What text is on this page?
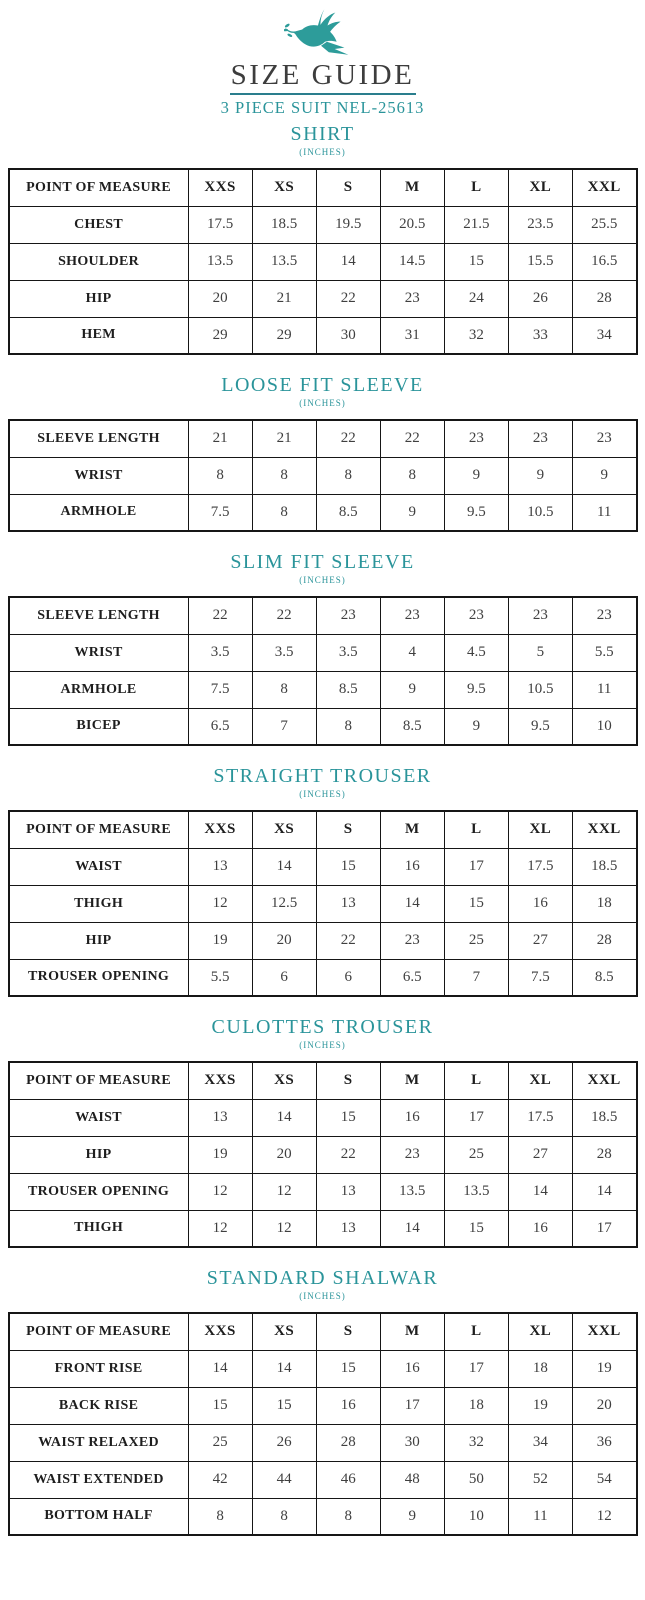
SIZE GUIDE
3 PIECE SUIT NEL-25613
SHIRT
(INCHES)
POINT OF MEASURE	XXS	XS	S	M	L	XL	XXL
CHEST	17.5	18.5	19.5	20.5	21.5	23.5	25.5
SHOULDER	13.5	13.5	14	14.5	15	15.5	16.5
HIP	20	21	22	23	24	26	28
HEM	29	29	30	31	32	33	34
LOOSE FIT SLEEVE
(INCHES)
SLEEVE LENGTH	21	21	22	22	23	23	23
WRIST	8	8	8	8	9	9	9
ARMHOLE	7.5	8	8.5	9	9.5	10.5	11
SLIM FIT SLEEVE
(INCHES)
SLEEVE LENGTH	22	22	23	23	23	23	23
WRIST	3.5	3.5	3.5	4	4.5	5	5.5
ARMHOLE	7.5	8	8.5	9	9.5	10.5	11
BICEP	6.5	7	8	8.5	9	9.5	10
STRAIGHT TROUSER
(INCHES)
POINT OF MEASURE	XXS	XS	S	M	L	XL	XXL
WAIST	13	14	15	16	17	17.5	18.5
THIGH	12	12.5	13	14	15	16	18
HIP	19	20	22	23	25	27	28
TROUSER OPENING	5.5	6	6	6.5	7	7.5	8.5
CULOTTES TROUSER
(INCHES)
POINT OF MEASURE	XXS	XS	S	M	L	XL	XXL
WAIST	13	14	15	16	17	17.5	18.5
HIP	19	20	22	23	25	27	28
TROUSER OPENING	12	12	13	13.5	13.5	14	14
THIGH	12	12	13	14	15	16	17
STANDARD SHALWAR
(INCHES)
POINT OF MEASURE	XXS	XS	S	M	L	XL	XXL
FRONT RISE	14	14	15	16	17	18	19
BACK RISE	15	15	16	17	18	19	20
WAIST RELAXED	25	26	28	30	32	34	36
WAIST EXTENDED	42	44	46	48	50	52	54
BOTTOM HALF	8	8	8	9	10	11	12
